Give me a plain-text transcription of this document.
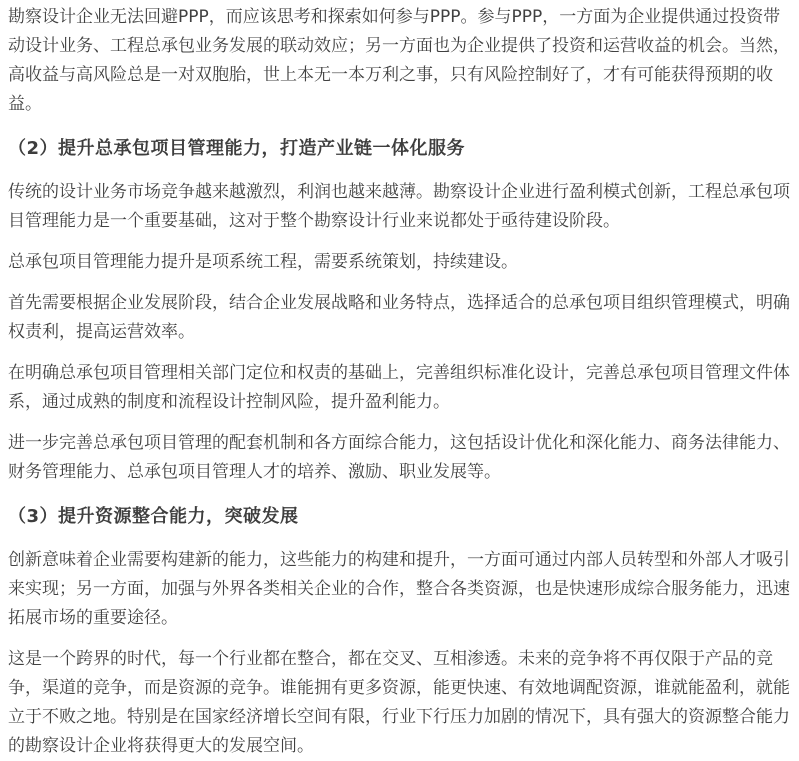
勘察设计企业无法回避PPP，而应该思考和探索如何参与PPP。参与PPP，一方面为企业提供通过投资带动设计业务、工程总承包业务发展的联动效应；另一方面也为企业提供了投资和运营收益的机会。当然，高收益与高风险总是一对双胞胎，世上本无一本万利之事，只有风险控制好了，才有可能获得预期的收益。

（2）提升总承包项目管理能力，打造产业链一体化服务

传统的设计业务市场竞争越来越激烈，利润也越来越薄。勘察设计企业进行盈利模式创新，工程总承包项目管理能力是一个重要基础，这对于整个勘察设计行业来说都处于亟待建设阶段。

总承包项目管理能力提升是项系统工程，需要系统策划，持续建设。

首先需要根据企业发展阶段，结合企业发展战略和业务特点，选择适合的总承包项目组织管理模式，明确权责利，提高运营效率。

在明确总承包项目管理相关部门定位和权责的基础上，完善组织标准化设计，完善总承包项目管理文件体系，通过成熟的制度和流程设计控制风险，提升盈利能力。

进一步完善总承包项目管理的配套机制和各方面综合能力，这包括设计优化和深化能力、商务法律能力、财务管理能力、总承包项目管理人才的培养、激励、职业发展等。

（3）提升资源整合能力，突破发展

创新意味着企业需要构建新的能力，这些能力的构建和提升，一方面可通过内部人员转型和外部人才吸引来实现；另一方面，加强与外界各类相关企业的合作，整合各类资源，也是快速形成综合服务能力，迅速拓展市场的重要途径。

这是一个跨界的时代，每一个行业都在整合，都在交叉、互相渗透。未来的竞争将不再仅限于产品的竞争，渠道的竞争，而是资源的竞争。谁能拥有更多资源，能更快速、有效地调配资源，谁就能盈利，就能立于不败之地。特别是在国家经济增长空间有限，行业下行压力加剧的情况下，具有强大的资源整合能力的勘察设计企业将获得更大的发展空间。
